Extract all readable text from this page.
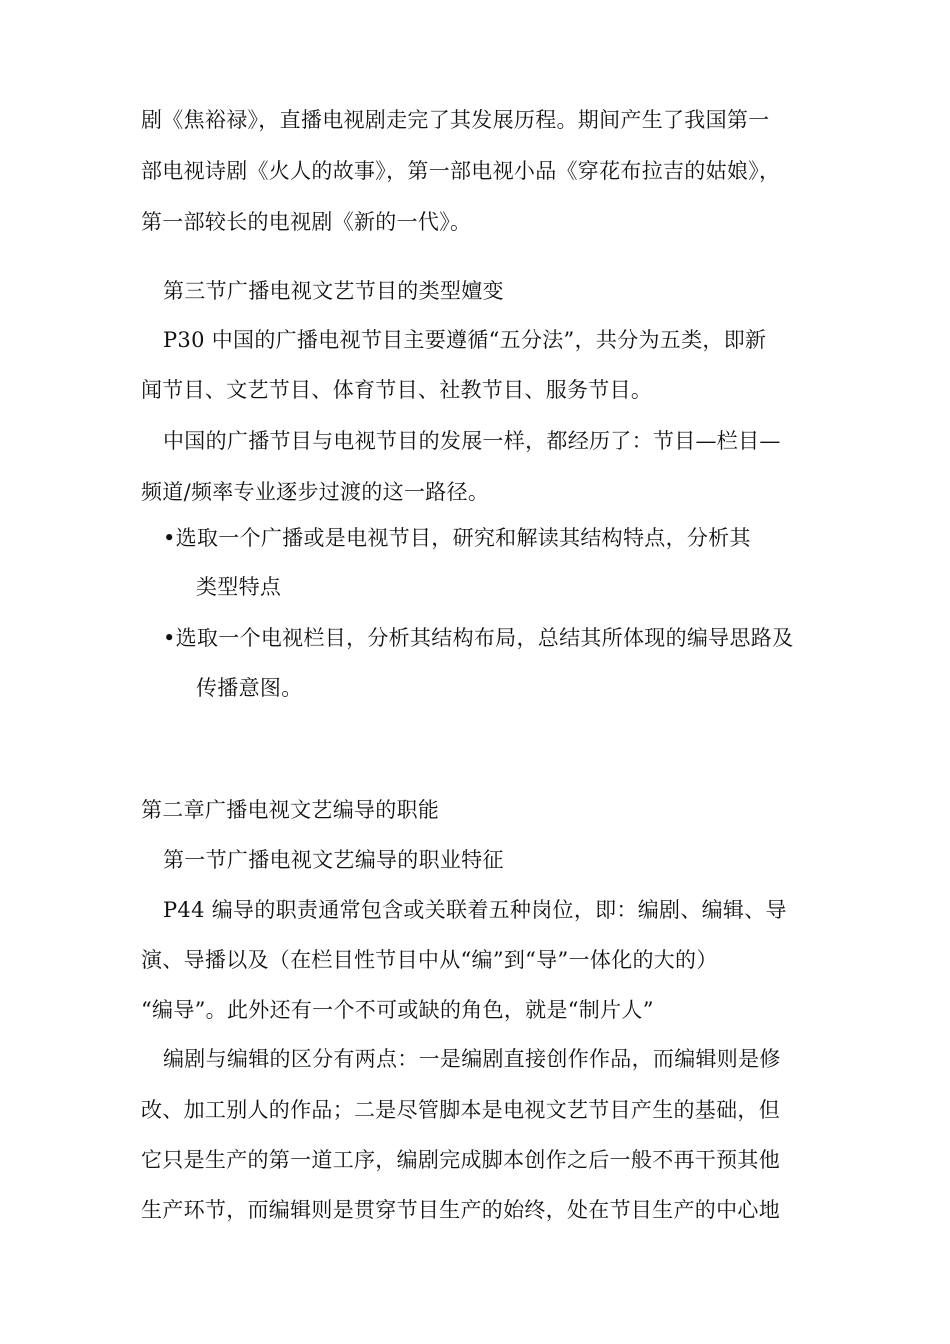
剧《焦裕禄》，直播电视剧走完了其发展历程。期间产生了我国第一
部电视诗剧《火人的故事》，第一部电视小品《穿花布拉吉的姑娘》，
第一部较长的电视剧《新的一代》。
第三节广播电视文艺节目的类型嬗变
P30 中国的广播电视节目主要遵循“五分法”，共分为五类，即新
闻节目、文艺节目、体育节目、社教节目、服务节目。
中国的广播节目与电视节目的发展一样，都经历了：节目—栏目—
频道/频率专业逐步过渡的这一路径。
•选取一个广播或是电视节目，研究和解读其结构特点，分析其
类型特点
•选取一个电视栏目，分析其结构布局，总结其所体现的编导思路及
传播意图。
第二章广播电视文艺编导的职能
第一节广播电视文艺编导的职业特征
P44 编导的职责通常包含或关联着五种岗位，即：编剧、编辑、导
演、导播以及（在栏目性节目中从“编”到“导”一体化的大的）
“编导”。此外还有一个不可或缺的角色，就是“制片人”
编剧与编辑的区分有两点：一是编剧直接创作作品，而编辑则是修
改、加工别人的作品；二是尽管脚本是电视文艺节目产生的基础，但
它只是生产的第一道工序，编剧完成脚本创作之后一般不再干预其他
生产环节，而编辑则是贯穿节目生产的始终，处在节目生产的中心地
